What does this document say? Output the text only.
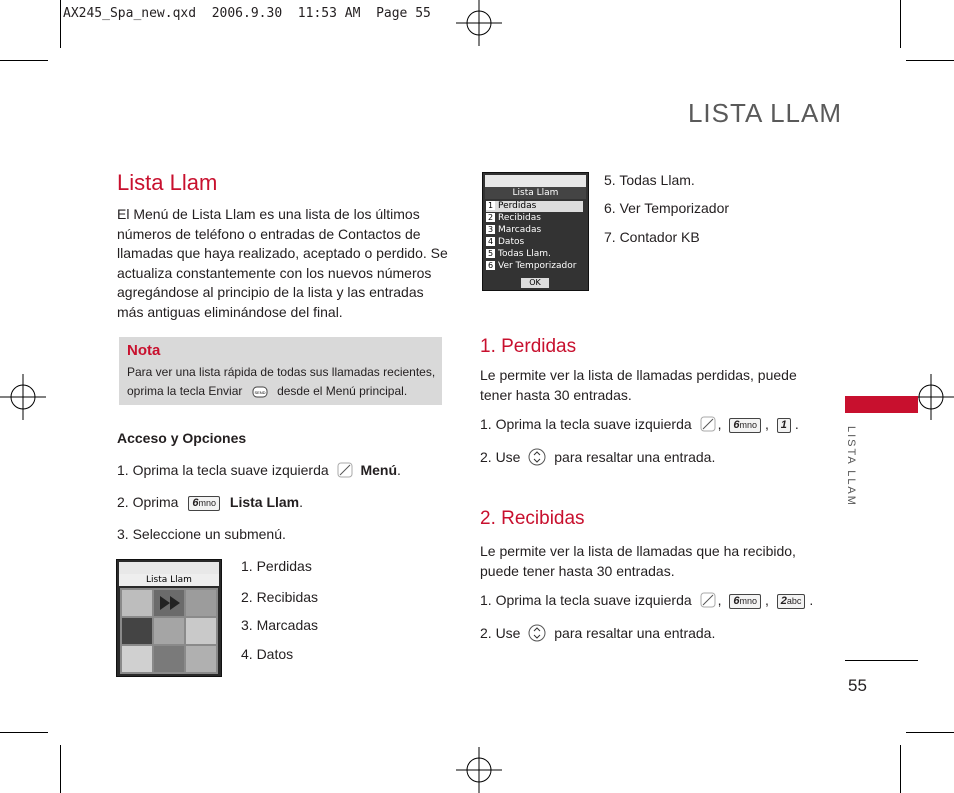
AX245_Spa_new.qxd  2006.9.30  11:53 AM  Page 55
LISTA LLAM
LISTA LLAM
55
Lista Llam
El Menú de Lista Llam es una lista de los últimos números de teléfono o entradas de Contactos de llamadas que haya realizado, aceptado o perdido. Se actualiza constantemente con los nuevos números agregándose al principio de la lista y las entradas más antiguas eliminándose del final.
Nota
Para ver una lista rápida de todas sus llamadas recientes, oprima la tecla Enviar	SEND desde el Menú principal.
Acceso y Opciones
1. Oprima la tecla suave izquierda Menú.
2. Oprima 6mno Lista Llam.
3. Seleccione un submenú.
Lista Llam
1. Perdidas
2. Recibidas
3. Marcadas
4. Datos
Lista Llam
1 Perdidas
2 Recibidas
3 Marcadas
4 Datos
5 Todas Llam.
6 Ver Temporizador
OK
5. Todas Llam.
6. Ver Temporizador
7. Contador KB
1. Perdidas
Le permite ver la lista de llamadas perdidas, puede tener hasta 30 entradas.
1. Oprima la tecla suave izquierda , 6mno , 1 .
2. Use para resaltar una entrada.
2. Recibidas
Le permite ver la lista de llamadas que ha recibido, puede tener hasta 30 entradas.
1. Oprima la tecla suave izquierda , 6mno , 2abc .
2. Use para resaltar una entrada.
